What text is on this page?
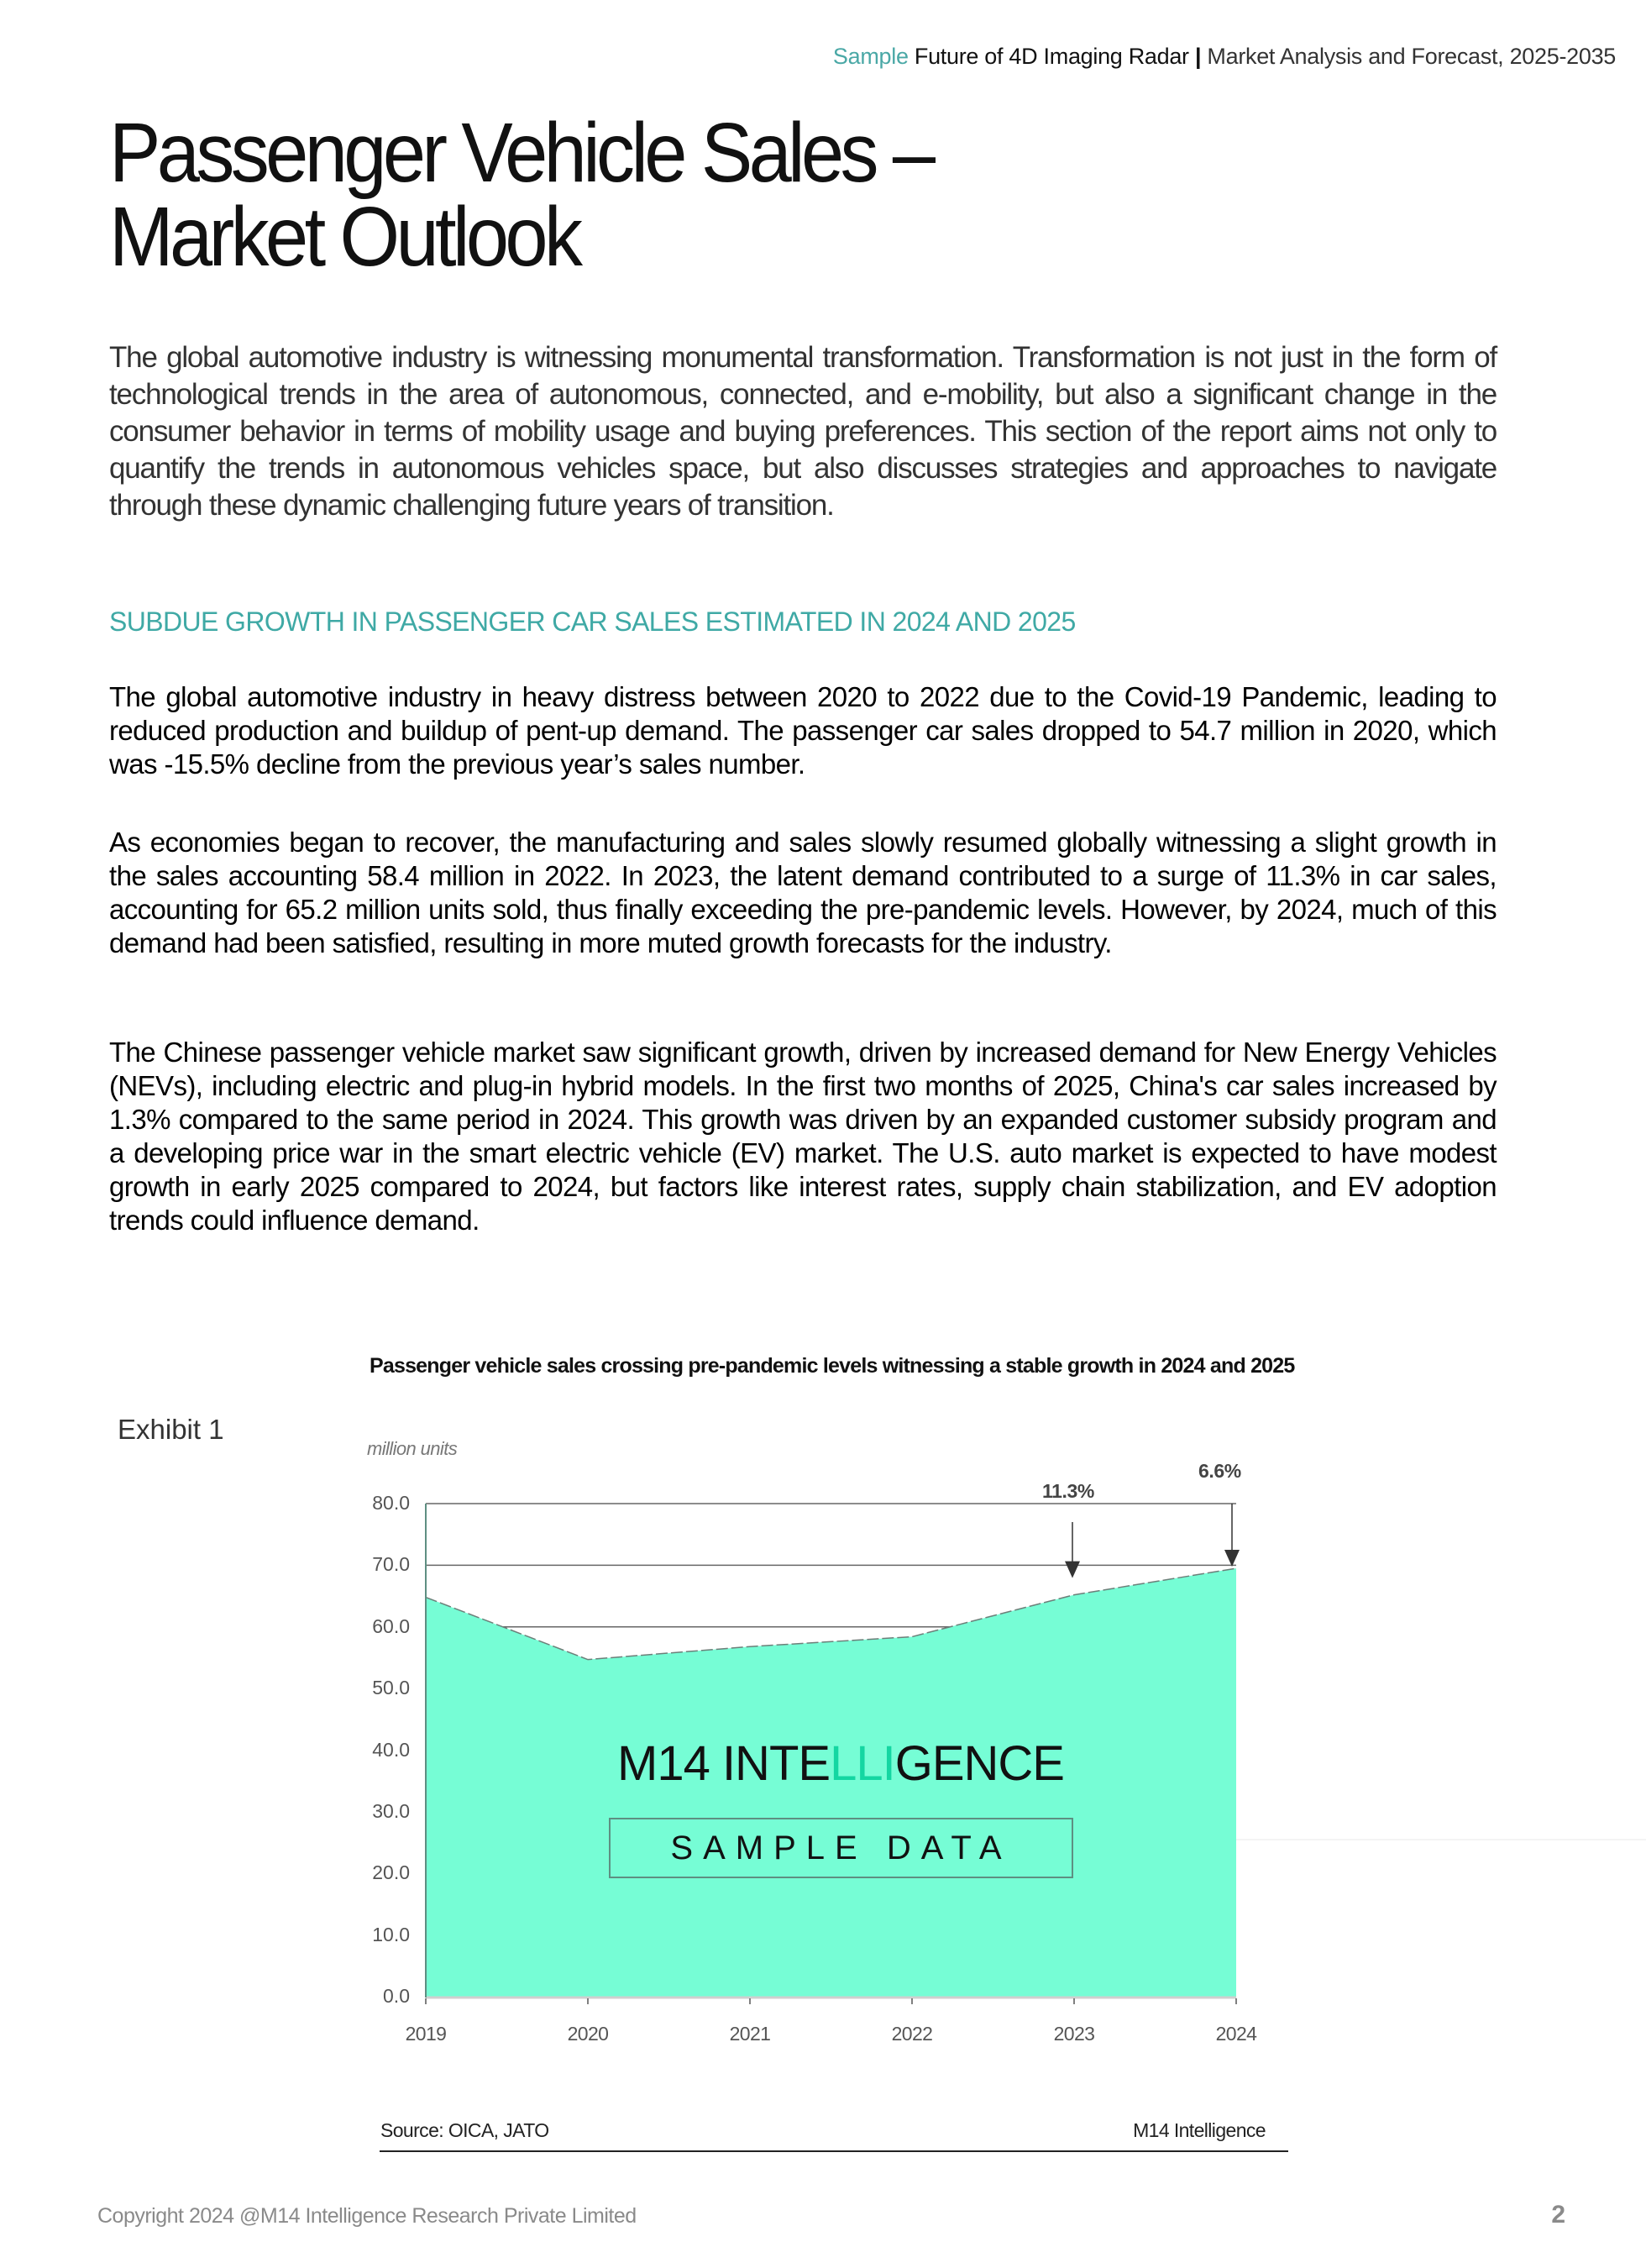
Sample Future of 4D Imaging Radar | Market Analysis and Forecast, 2025-2035
Passenger Vehicle Sales –
Market Outlook

The global automotive industry is witnessing monumental transformation. Transformation is not just in the form of technological trends in the area of autonomous, connected, and e-mobility, but also a significant change in the consumer behavior in terms of mobility usage and buying preferences. This section of the report aims not only to quantify the trends in autonomous vehicles space, but also discusses strategies and approaches to navigate through these dynamic challenging future years of transition.

SUBDUE GROWTH IN PASSENGER CAR SALES ESTIMATED IN 2024 AND 2025

The global automotive industry in heavy distress between 2020 to 2022 due to the Covid-19 Pandemic, leading to reduced production and buildup of pent-up demand. The passenger car sales dropped to 54.7 million in 2020, which was -15.5% decline from the previous year’s sales number.

As economies began to recover, the manufacturing and sales slowly resumed globally witnessing a slight growth in the sales accounting 58.4 million in 2022. In 2023, the latent demand contributed to a surge of 11.3% in car sales, accounting for 65.2 million units sold, thus finally exceeding the pre-pandemic levels. However, by 2024, much of this demand had been satisfied, resulting in more muted growth forecasts for the industry.

The Chinese passenger vehicle market saw significant growth, driven by increased demand for New Energy Vehicles (NEVs), including electric and plug-in hybrid models. In the first two months of 2025, China's car sales increased by 1.3% compared to the same period in 2024. This growth was driven by an expanded customer subsidy program and a developing price war in the smart electric vehicle (EV) market. The U.S. auto market is expected to have modest growth in early 2025 compared to 2024, but factors like interest rates, supply chain stabilization, and EV adoption trends could influence demand.

Passenger vehicle sales crossing pre-pandemic levels witnessing a stable growth in 2024 and 2025
Exhibit 1
million units
0.0
10.0
20.0
30.0
40.0
50.0
60.0
70.0
80.0
2019	2020	2021	2022	2023	2024
11.3%
6.6%
M14 INTELLIGENCE
SAMPLE DATA
Source: OICA, JATO	M14 Intelligence
Copyright 2024 @M14 Intelligence Research Private Limited	2
